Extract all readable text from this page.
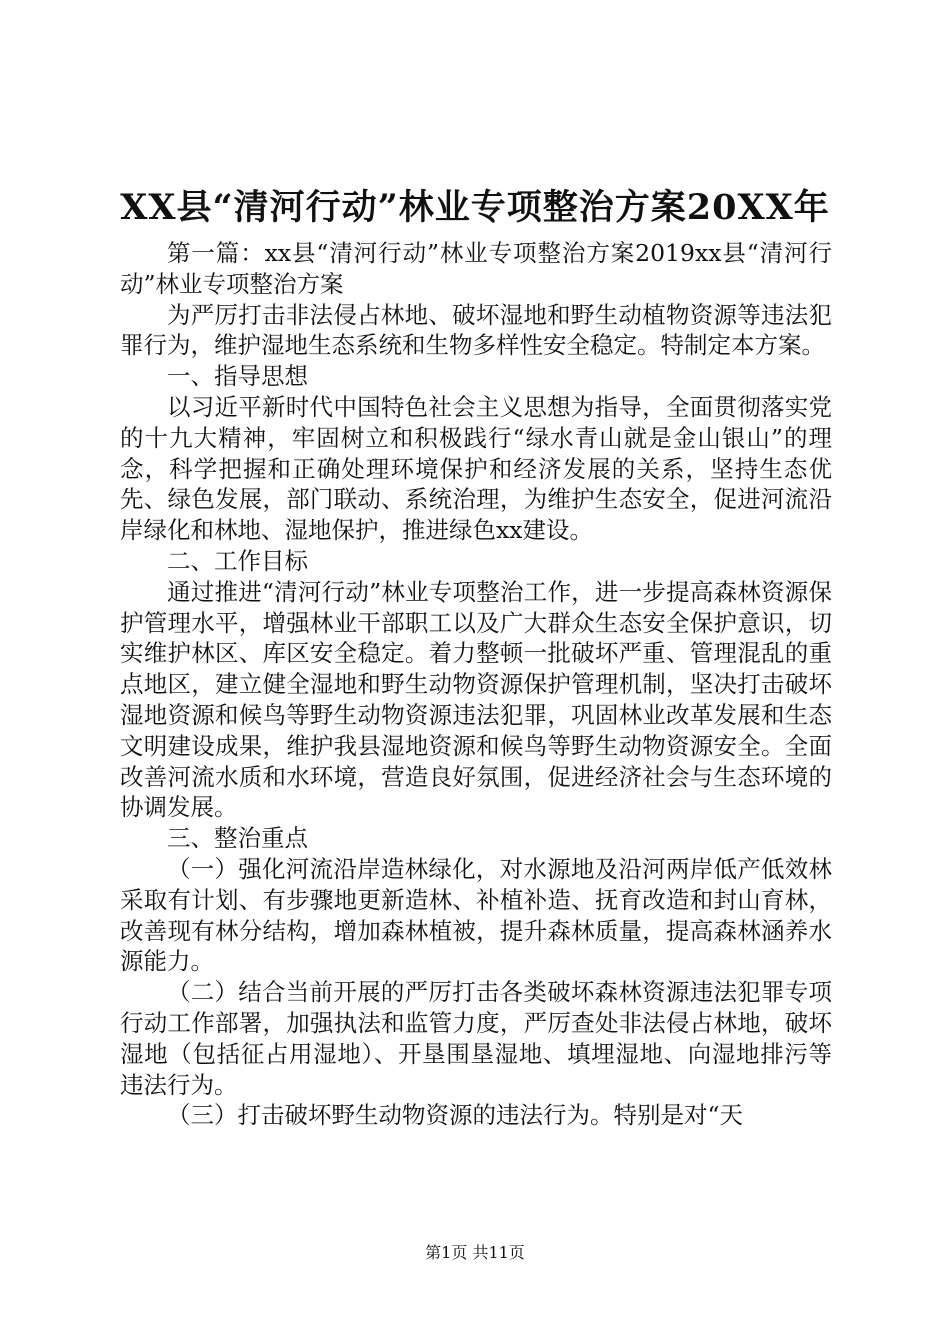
XX县“清河行动”林业专项整治方案20XX年

第一篇：xx县“清河行动”林业专项整治方案2019xx县“清河行动”林业专项整治方案

为严厉打击非法侵占林地、破坏湿地和野生动植物资源等违法犯罪行为，维护湿地生态系统和生物多样性安全稳定。特制定本方案。

一、指导思想

以习近平新时代中国特色社会主义思想为指导，全面贯彻落实党的十九大精神，牢固树立和积极践行“绿水青山就是金山银山”的理念，科学把握和正确处理环境保护和经济发展的关系，坚持生态优先、绿色发展，部门联动、系统治理，为维护生态安全，促进河流沿岸绿化和林地、湿地保护，推进绿色xx建设。

二、工作目标

通过推进“清河行动”林业专项整治工作，进一步提高森林资源保护管理水平，增强林业干部职工以及广大群众生态安全保护意识，切实维护林区、库区安全稳定。着力整顿一批破坏严重、管理混乱的重点地区，建立健全湿地和野生动物资源保护管理机制，坚决打击破坏湿地资源和候鸟等野生动物资源违法犯罪，巩固林业改革发展和生态文明建设成果，维护我县湿地资源和候鸟等野生动物资源安全。全面改善河流水质和水环境，营造良好氛围，促进经济社会与生态环境的协调发展。

三、整治重点

（一）强化河流沿岸造林绿化，对水源地及沿河两岸低产低效林采取有计划、有步骤地更新造林、补植补造、抚育改造和封山育林，改善现有林分结构，增加森林植被，提升森林质量，提高森林涵养水源能力。

（二）结合当前开展的严厉打击各类破坏森林资源违法犯罪专项行动工作部署，加强执法和监管力度，严厉查处非法侵占林地，破坏湿地（包括征占用湿地）、开垦围垦湿地、填埋湿地、向湿地排污等违法行为。

（三）打击破坏野生动物资源的违法行为。特别是对“天

第1页 共11页
